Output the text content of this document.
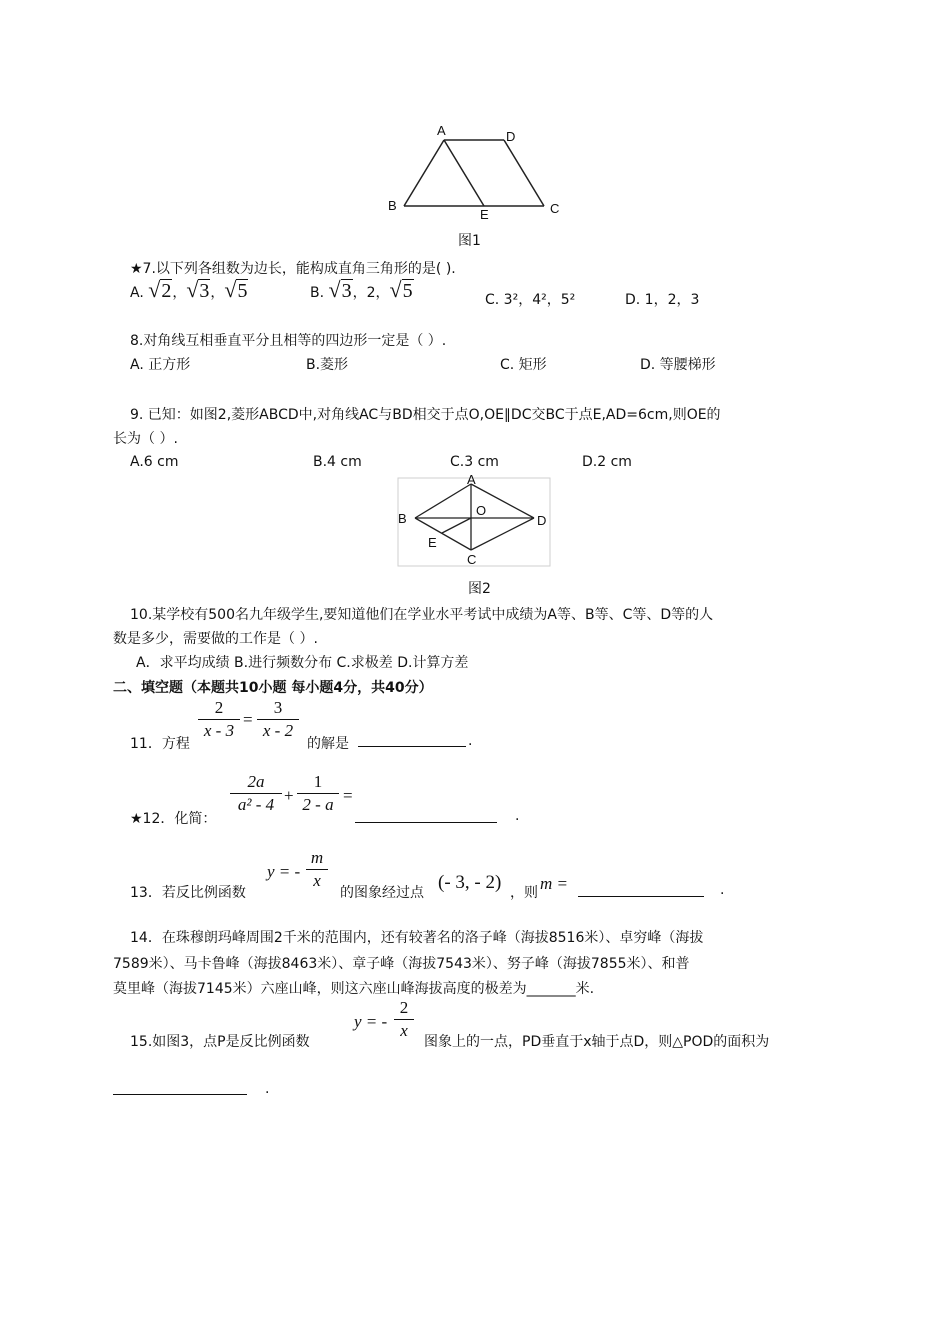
A	D
B
E	C
图1
★7.以下列各组数为边长，能构成直角三角形的是( ).
A. √2，√3，√5	B. √3，2，√5	C. 3²，4²，5²	D. 1，2，3
8.对角线互相垂直平分且相等的四边形一定是（ ）.
A. 正方形	B.菱形	C. 矩形	D. 等腰梯形
9. 已知：如图2,菱形ABCD中,对角线AC与BD相交于点O,OE∥DC交BC于点E,AD=6cm,则OE的
长为（ ）.
A.6 cm	B.4 cm	C.3 cm	D.2 cm
A
B
C
D
O
E
图2
10.某学校有500名九年级学生,要知道他们在学业水平考试中成绩为A等、B等、C等、D等的人
数是多少，需要做的工作是（ ）.
A．求平均成绩 B.进行频数分布 C.求极差 D.计算方差
二、填空题（本题共10小题 每小题4分，共40分）
11．方程
2
x - 3
=
3
x - 2
的解是	.
★12．化简：
2a
a² - 4 +
1
2 - a =
.
13．若反比例函数
y = -
m
x
的图象经过点 (- 3, - 2) ，则 m =	.
14．在珠穆朗玛峰周围2千米的范围内，还有较著名的洛子峰（海拔8516米）、卓穷峰（海拔
7589米）、马卡鲁峰（海拔8463米）、章子峰（海拔7543米）、努子峰（海拔7855米）、和普
莫里峰（海拔7145米）六座山峰，则这六座山峰海拔高度的极差为_______米.
15.如图3，点P是反比例函数
y = -
2
x
图象上的一点，PD垂直于x轴于点D，则△POD的面积为
.
